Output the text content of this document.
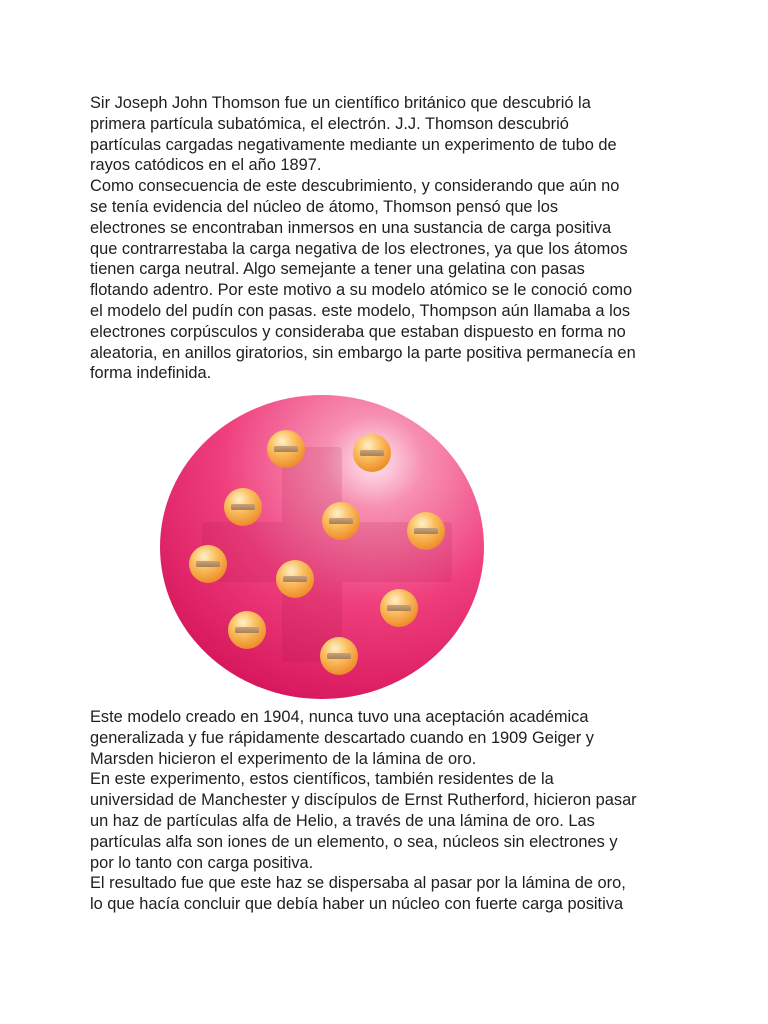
Sir Joseph John Thomson fue un científico británico que descubrió la

primera partícula subatómica, el electrón. J.J. Thomson descubrió

partículas cargadas negativamente mediante un experimento de tubo de

rayos catódicos en el año 1897.

Como consecuencia de este descubrimiento, y considerando que aún no

se tenía evidencia del núcleo de átomo, Thomson pensó que los

electrones se encontraban inmersos en una sustancia de carga positiva

que contrarrestaba la carga negativa de los electrones, ya que los átomos

tienen carga neutral. Algo semejante a tener una gelatina con pasas

flotando adentro. Por este motivo a su modelo atómico se le conoció como

el modelo del pudín con pasas. este modelo, Thompson aún llamaba a los

electrones corpúsculos y consideraba que estaban dispuesto en forma no

aleatoria, en anillos giratorios, sin embargo la parte positiva permanecía en

forma indefinida.

Este modelo creado en 1904, nunca tuvo una aceptación académica

generalizada y fue rápidamente descartado cuando en 1909 Geiger y

Marsden hicieron el experimento de la lámina de oro.

En este experimento, estos científicos, también residentes de la

universidad de Manchester y discípulos de Ernst Rutherford, hicieron pasar

un haz de partículas alfa de Helio, a través de una lámina de oro. Las

partículas alfa son iones de un elemento, o sea, núcleos sin electrones y

por lo tanto con carga positiva.

El resultado fue que este haz se dispersaba al pasar por la lámina de oro,

lo que hacía concluir que debía haber un núcleo con fuerte carga positiva
